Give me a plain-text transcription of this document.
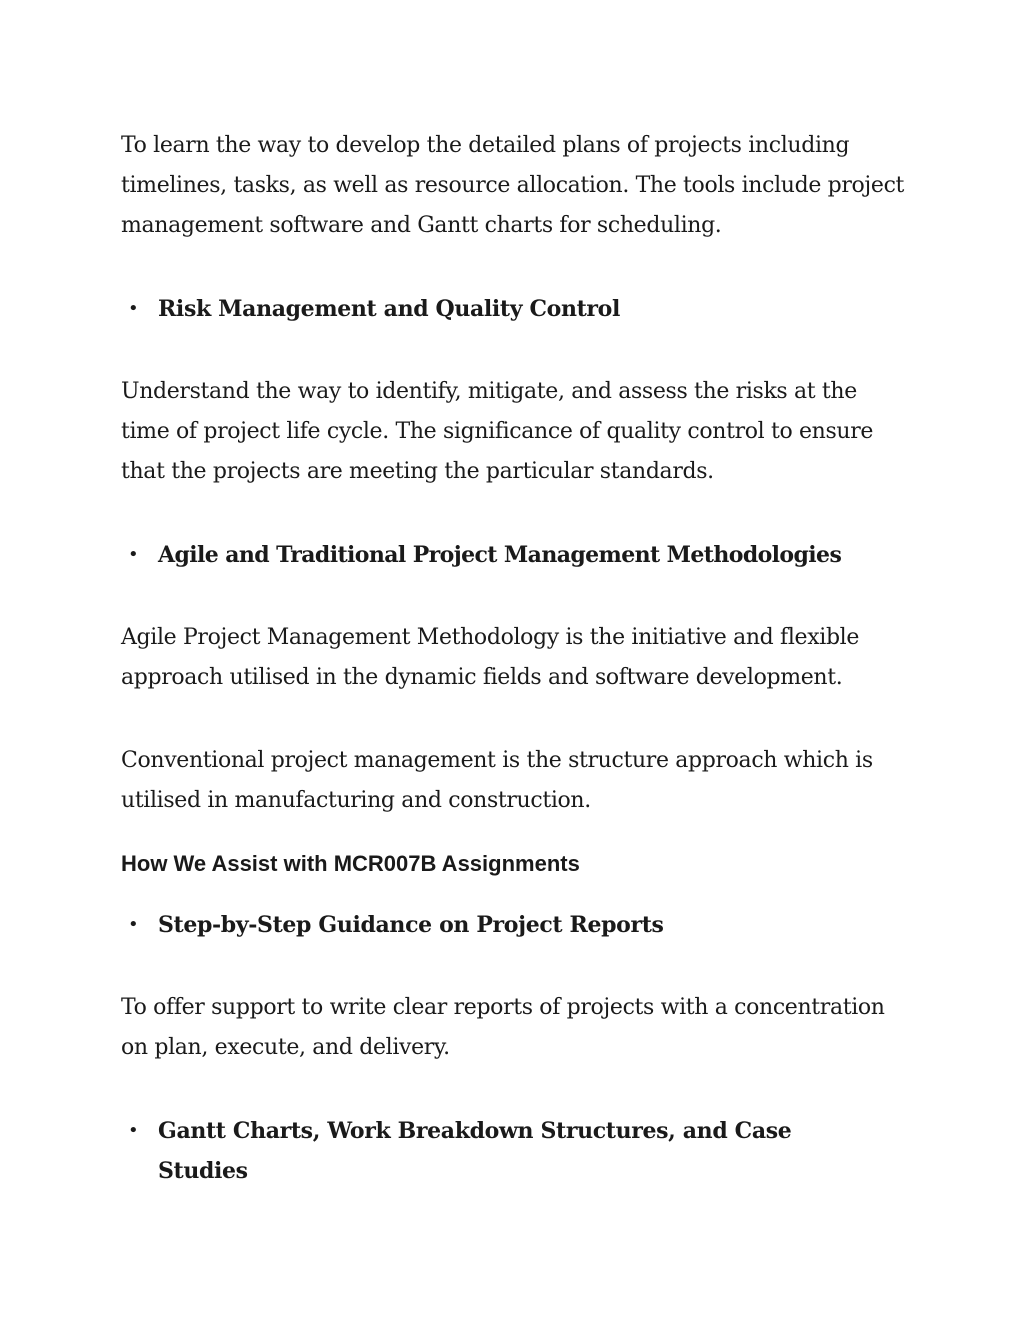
To learn the way to develop the detailed plans of projects including timelines, tasks, as well as resource allocation. The tools include project management software and Gantt charts for scheduling.

• Risk Management and Quality Control

Understand the way to identify, mitigate, and assess the risks at the time of project life cycle. The significance of quality control to ensure that the projects are meeting the particular standards.

• Agile and Traditional Project Management Methodologies

Agile Project Management Methodology is the initiative and flexible approach utilised in the dynamic fields and software development.

Conventional project management is the structure approach which is utilised in manufacturing and construction.

How We Assist with MCR007B Assignments
• Step-by-Step Guidance on Project Reports

To offer support to write clear reports of projects with a concentration on plan, execute, and delivery.

• Gantt Charts, Work Breakdown Structures, and Case Studies
